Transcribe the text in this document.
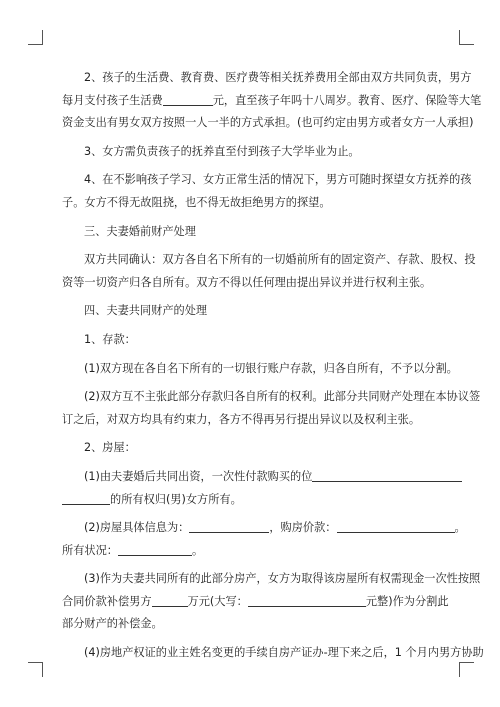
2、孩子的生活费、教育费、医疗费等相关抚养费用全部由双方共同负责，男方

每月支付孩子生活费	元，直至孩子年吗十八周岁。教育、医疗、保险等大笔

资金支出有男女双方按照一人一半的方式承担。(也可约定由男方或者女方一人承担)

3、女方需负责孩子的抚养直至付到孩子大学毕业为止。

4、在不影响孩子学习、女方正常生活的情况下，男方可随时探望女方抚养的孩

子。女方不得无故阻挠，也不得无故拒绝男方的探望。

三、夫妻婚前财产处理

双方共同确认：双方各自名下所有的一切婚前所有的固定资产、存款、股权、投

资等一切资产归各自所有。双方不得以任何理由提出异议并进行权利主张。

四、夫妻共同财产的处理

1、存款：

(1)双方现在各自名下所有的一切银行账户存款，归各自所有，不予以分割。

(2)双方互不主张此部分存款归各自所有的权利。此部分共同财产处理在本协议签

订之后，对双方均具有约束力，各方不得再另行提出异议以及权利主张。

2、房屋：

(1)由夫妻婚后共同出资，一次性付款购买的位

的所有权归(男)女方所有。

(2)房屋具体信息为：	，购房价款：	。

所有状况：	。

(3)作为夫妻共同所有的此部分房产，女方为取得该房屋所有权需现金一次性按照

合同价款补偿男方	万元(大写：	元整)作为分割此

部分财产的补偿金。

(4)房地产权证的业主姓名变更的手续自房产证办-理下来之后，1 个月内男方协助
